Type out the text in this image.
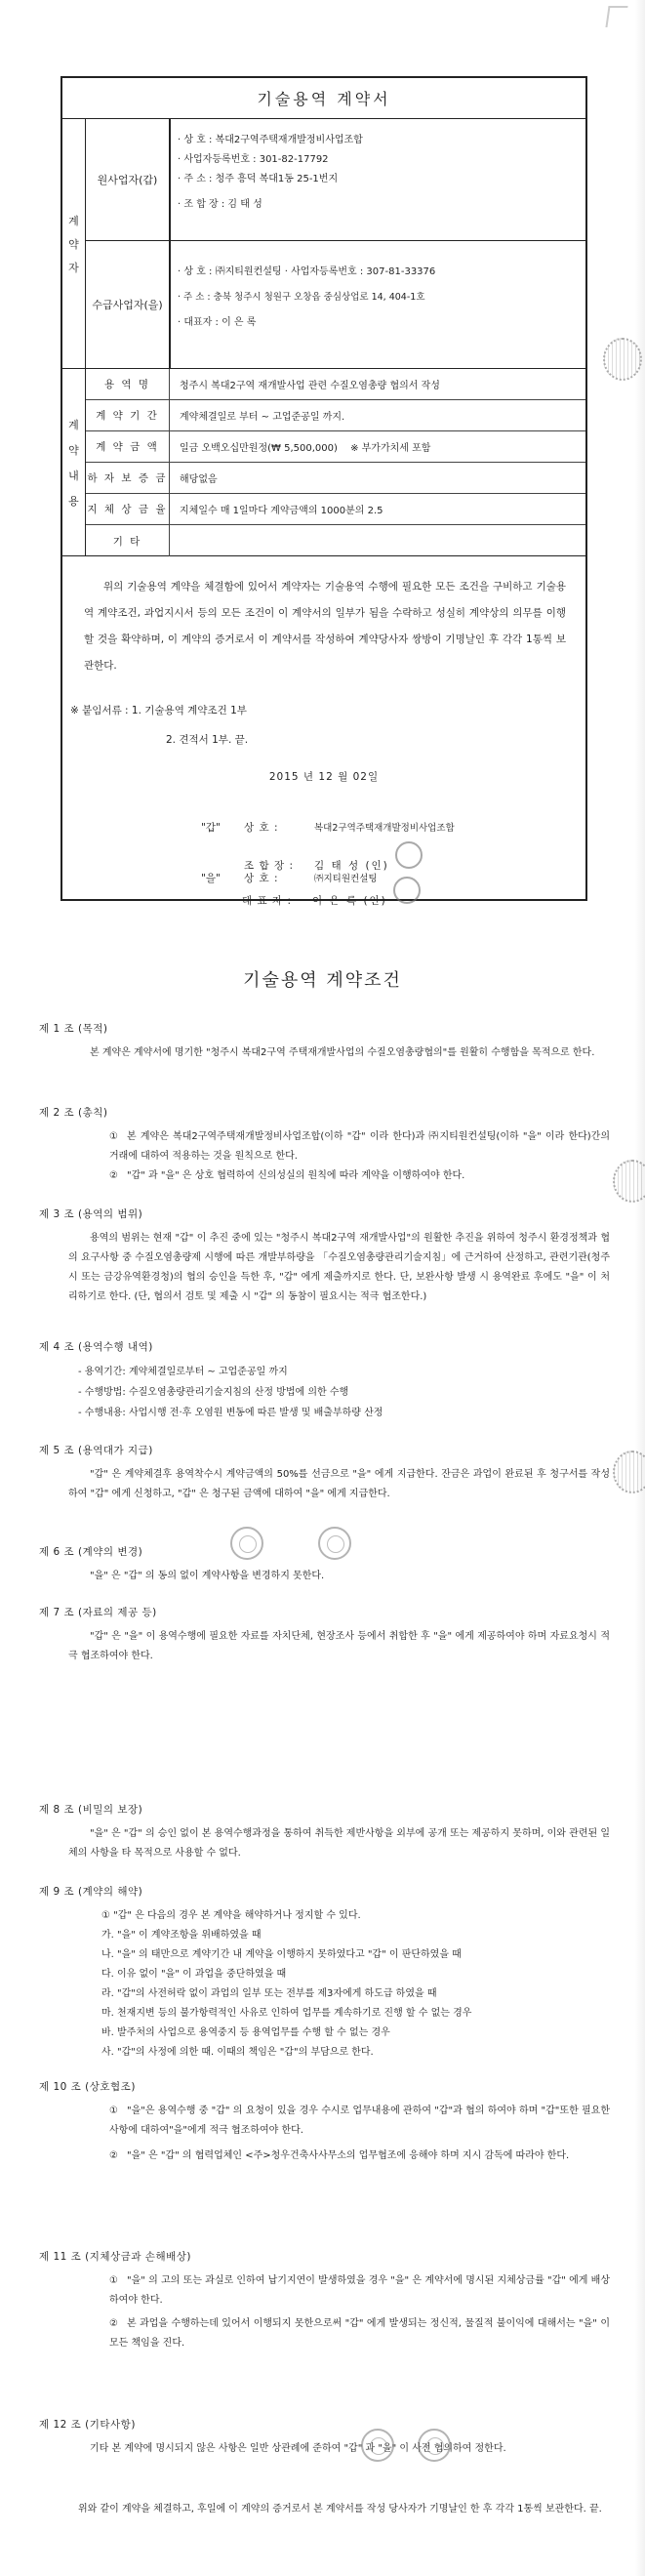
기술용역 계약서
계
약
자
원사업자(갑)
· 상 호 : 복대2구역주택재개발정비사업조합
· 사업자등록번호 : 301-82-17792
· 주 소 : 청주 흥덕 복대1동 25-1번지
· 조 합 장 : 김 태 성
수급사업자(을)
· 상 호 : ㈜지티원컨설팅 · 사업자등록번호 : 307-81-33376
· 주 소 : 충북 청주시 청원구 오창읍 중심상업로 14, 404-1호
· 대표자 : 이 은 록
계
약
내
용
용 역 명	청주시 복대2구역 재개발사업 관련 수질오염총량 협의서 작성
계 약 기 간	계약체결일로 부터 ~ 고업준공일 까지.
계 약 금 액	일금 오백오십만원정(₩ 5,500,000) ※ 부가가치세 포함
하 자 보 증 금	해당없음
지 체 상 금 율	지체일수 매 1일마다 계약금액의 1000분의 2.5
기 타

위의 기술용역 계약을 체결함에 있어서 계약자는 기술용역 수행에 필요한 모든 조건을 구비하고 기술용역 계약조건, 과업지시서 등의 모든 조건이 이 계약서의 일부가 됨을 수락하고 성실히 계약상의 의무를 이행할 것을 확약하며, 이 계약의 증거로서 이 계약서를 작성하여 계약당사자 쌍방이 기명날인 후 각각 1통씩 보관한다.

※ 붙임서류 : 1. 기술용역 계약조건 1부
2. 견적서 1부. 끝.
2015 년 12 월 02일
"갑"	상 호 :	복대2구역주택재개발정비사업조합
조 합 장 :	김 태 성 (인)
"을"	상 호 :	㈜지티원컨설팅
대 표 자 :	이 은 록 (인)
기술용역 계약조건
제 1 조 (목적)

본 계약은 계약서에 명기한 "청주시 복대2구역 주택재개발사업의 수질오염총량협의"를 원활히 수행함을 목적으로 한다.

제 2 조 (총칙)
① 본 계약은 복대2구역주택재개발정비사업조합(이하 "갑" 이라 한다)과 ㈜지티원컨설팅(이하 "을" 이라 한다)간의 거래에 대하여 적용하는 것을 원칙으로 한다.
② "갑" 과 "을" 은 상호 협력하여 신의성실의 원칙에 따라 계약을 이행하여야 한다.
제 3 조 (용역의 범위)

용역의 범위는 현재 "갑" 이 추진 중에 있는 "청주시 복대2구역 재개발사업"의 원활한 추진을 위하여 청주시 환경정책과 협의 요구사항 중 수질오염총량제 시행에 따른 개발부하량을 「수질오염총량관리기술지침」에 근거하여 산정하고, 관련기관(청주시 또는 금강유역환경청)의 협의 승인을 득한 후, "갑" 에게 제출까지로 한다. 단, 보완사항 발생 시 용역완료 후에도 "을" 이 처리하기로 한다. (단, 협의서 검토 및 제출 시 "갑" 의 동참이 필요시는 적극 협조한다.)

제 4 조 (용역수행 내역)
- 용역기간: 계약체결일로부터 ~ 고업준공일 까지
- 수행방법: 수질오염총량관리기술지침의 산정 방법에 의한 수행
- 수행내용: 사업시행 전·후 오염원 변동에 따른 발생 및 배출부하량 산정
제 5 조 (용역대가 지급)

"갑" 은 계약체결후 용역착수시 계약금액의 50%를 선금으로 "을" 에게 지급한다. 잔금은 과업이 완료된 후 청구서를 작성하여 "갑" 에게 신청하고, "갑" 은 청구된 금액에 대하여 "을" 에게 지급한다.

제 6 조 (계약의 변경)

"을" 은 "갑" 의 동의 없이 계약사항을 변경하지 못한다.

제 7 조 (자료의 제공 등)

"갑" 은 "을" 이 용역수행에 필요한 자료를 자치단체, 현장조사 등에서 취합한 후 "을" 에게 제공하여야 하며 자료요청시 적극 협조하여야 한다.

제 8 조 (비밀의 보장)

"을" 은 "갑" 의 승인 없이 본 용역수행과정을 통하여 취득한 제반사항을 외부에 공개 또는 제공하지 못하며, 이와 관련된 일체의 사항을 타 목적으로 사용할 수 없다.

제 9 조 (계약의 해약)
① "갑" 은 다음의 경우 본 계약을 해약하거나 정지할 수 있다.
가. "을" 이 계약조항을 위배하였을 때
나. "을" 의 태만으로 계약기간 내 계약을 이행하지 못하였다고 "갑" 이 판단하였을 때
다. 이유 없이 "을" 이 과업을 중단하였을 때
라. "갑"의 사전허락 없이 과업의 일부 또는 전부를 제3자에게 하도급 하였을 때
마. 천재지변 등의 불가항력적인 사유로 인하여 업무를 계속하기로 진행 할 수 없는 경우
바. 발주처의 사업으로 용역중지 등 용역업무를 수행 할 수 없는 경우
사. "갑"의 사정에 의한 때. 이때의 책임은 "갑"의 부담으로 한다.
제 10 조 (상호협조)
① "을"은 용역수행 중 "갑" 의 요청이 있을 경우 수시로 업무내용에 관하여 "갑"과 협의 하여야 하며 "갑"또한 필요한 사항에 대하여"을"에게 적극 협조하여야 한다.
② "을" 은 "갑" 의 협력업체인 <주>청우건축사사무소의 업무협조에 응해야 하며 지시 감독에 따라야 한다.
제 11 조 (지체상금과 손해배상)
① "을" 의 고의 또는 과실로 인하여 납기지연이 발생하였을 경우 "을" 은 계약서에 명시된 지체상금률 "갑" 에게 배상하여야 한다.
② 본 과업을 수행하는데 있어서 이행되지 못한으로써 "갑" 에게 발생되는 정신적, 물질적 불이익에 대해서는 "을" 이 모든 책임을 진다.
제 12 조 (기타사항)

기타 본 계약에 명시되지 않은 사항은 일반 상관례에 준하여 "갑" 과 "을" 이 사전 협의하여 정한다.

위와 같이 계약을 체결하고, 후일에 이 계약의 증거로서 본 계약서를 작성 당사자가 기명날인 한 후 각각 1통씩 보관한다. 끝.
